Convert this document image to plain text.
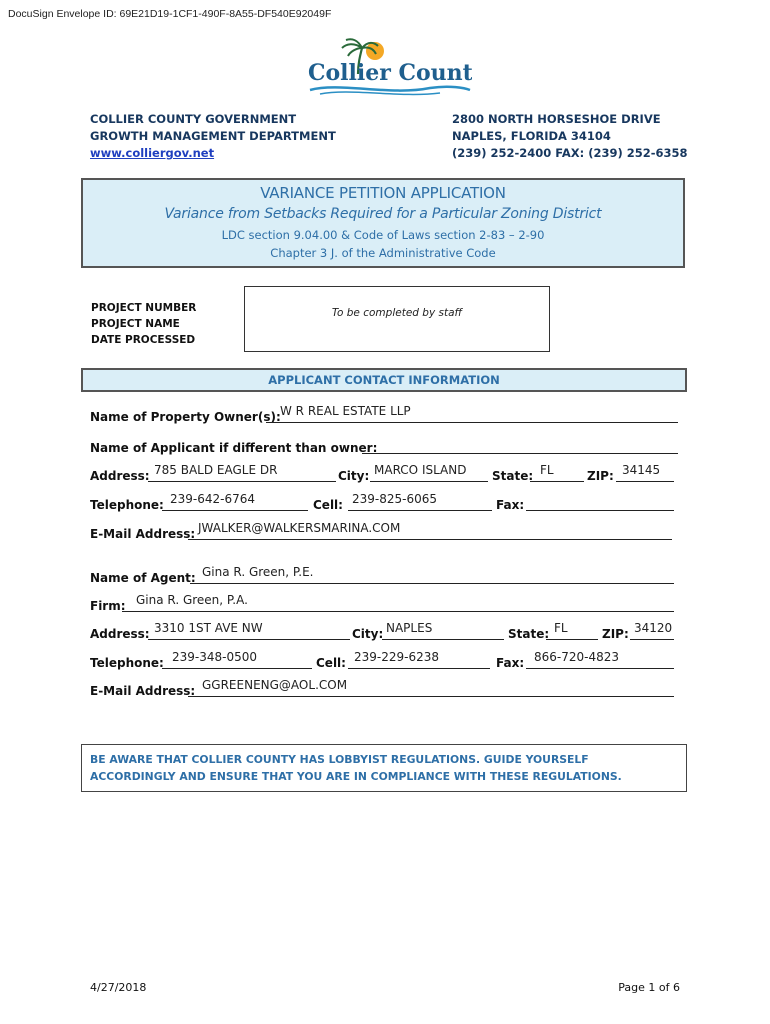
DocuSign Envelope ID: 69E21D19-1CF1-490F-8A55-DF540E92049F
Collier County
COLLIER COUNTY GOVERNMENT
GROWTH MANAGEMENT DEPARTMENT
www.colliergov.net
2800 NORTH HORSESHOE DRIVE
NAPLES, FLORIDA 34104
(239) 252-2400 FAX: (239) 252-6358
VARIANCE PETITION APPLICATION
Variance from Setbacks Required for a Particular Zoning District
LDC section 9.04.00 & Code of Laws section 2-83 – 2-90
Chapter 3 J. of the Administrative Code
PROJECT NUMBER
PROJECT NAME
DATE PROCESSED
To be completed by staff
APPLICANT CONTACT INFORMATION
Name of Property Owner(s): W R REAL ESTATE LLP
Name of Applicant if different than owner:
Address: 785 BALD EAGLE DR	City: MARCO ISLAND State: FL	ZIP: 34145
Telephone: 239-642-6764	Cell: 239-825-6065	Fax:
E-Mail Address: JWALKER@WALKERSMARINA.COM
Name of Agent: Gina R. Green, P.E.
Firm: Gina R. Green, P.A.
Address: 3310 1ST AVE NW	City: NAPLES	State: FL	ZIP: 34120
Telephone: 239-348-0500	Cell: 239-229-6238	Fax: 866-720-4823
E-Mail Address: GGREENENG@AOL.COM
BE AWARE THAT COLLIER COUNTY HAS LOBBYIST REGULATIONS. GUIDE YOURSELF ACCORDINGLY AND ENSURE THAT YOU ARE IN COMPLIANCE WITH THESE REGULATIONS.
4/27/2018	Page 1 of 6
